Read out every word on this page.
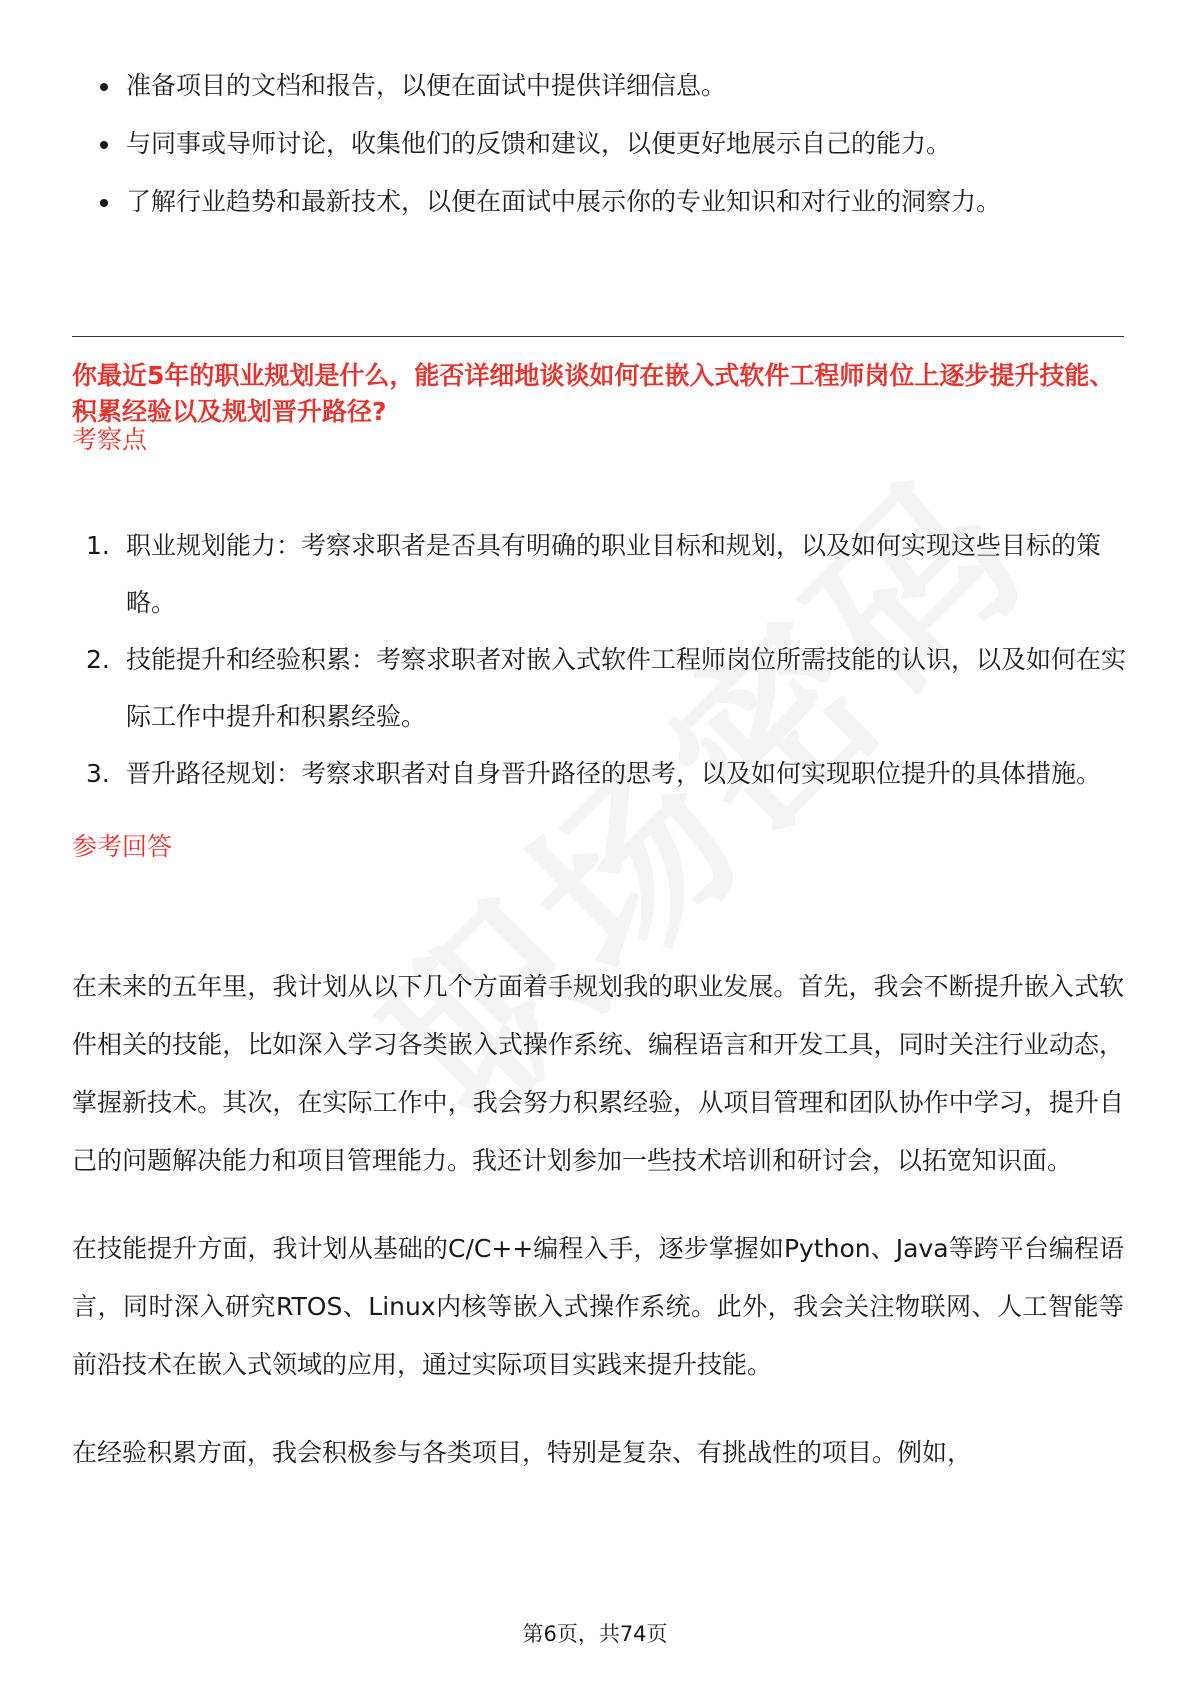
准备项目的文档和报告，以便在面试中提供详细信息。
与同事或导师讨论，收集他们的反馈和建议，以便更好地展示自己的能力。
了解行业趋势和最新技术，以便在面试中展示你的专业知识和对行业的洞察力。
你最近5年的职业规划是什么，能否详细地谈谈如何在嵌入式软件工程师岗位上逐步提升技能、积累经验以及规划晋升路径?
考察点
1. 职业规划能力：考察求职者是否具有明确的职业目标和规划，以及如何实现这些目标的策略。
2. 技能提升和经验积累：考察求职者对嵌入式软件工程师岗位所需技能的认识，以及如何在实际工作中提升和积累经验。
3. 晋升路径规划：考察求职者对自身晋升路径的思考，以及如何实现职位提升的具体措施。
参考回答

在未来的五年里，我计划从以下几个方面着手规划我的职业发展。首先，我会不断提升嵌入式软件相关的技能，比如深入学习各类嵌入式操作系统、编程语言和开发工具，同时关注行业动态，掌握新技术。其次，在实际工作中，我会努力积累经验，从项目管理和团队协作中学习，提升自己的问题解决能力和项目管理能力。我还计划参加一些技术培训和研讨会，以拓宽知识面。

在技能提升方面，我计划从基础的C/C++编程入手，逐步掌握如Python、Java等跨平台编程语言，同时深入研究RTOS、Linux内核等嵌入式操作系统。此外，我会关注物联网、人工智能等前沿技术在嵌入式领域的应用，通过实际项目实践来提升技能。

在经验积累方面，我会积极参与各类项目，特别是复杂、有挑战性的项目。例如，

第6页，共74页
